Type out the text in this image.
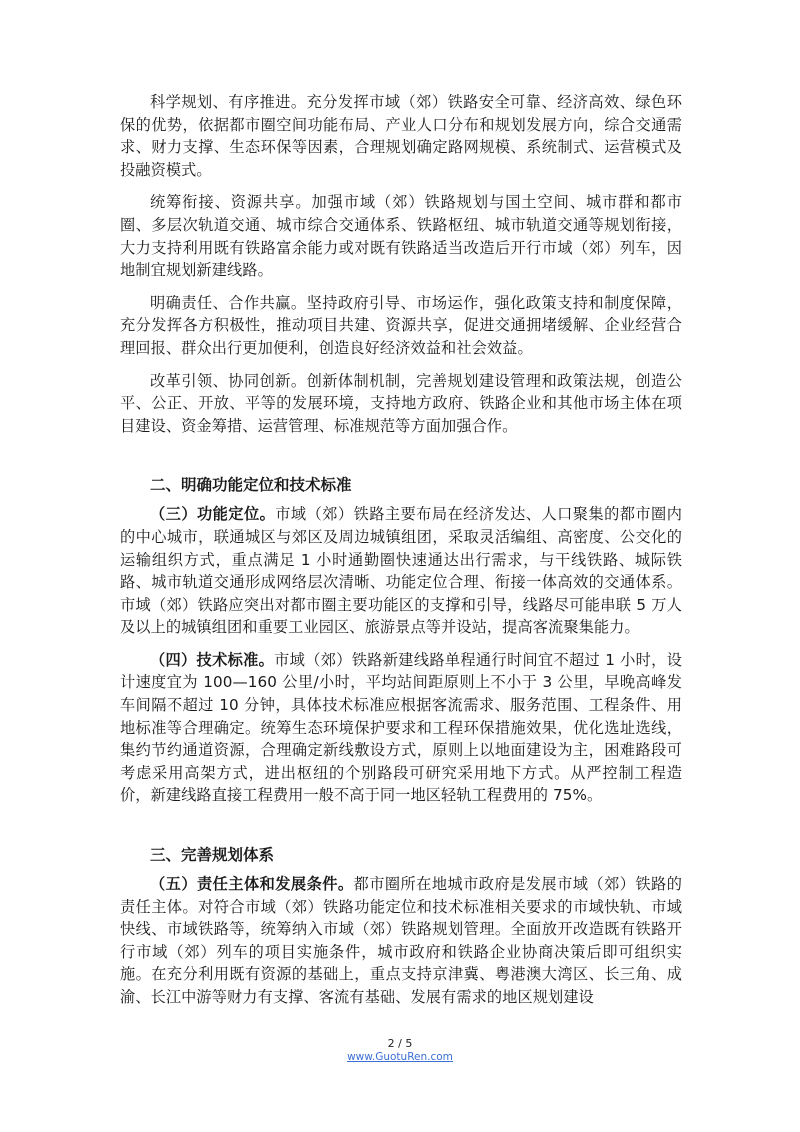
科学规划、有序推进。充分发挥市域（郊）铁路安全可靠、经济高效、绿色环保的优势，依据都市圈空间功能布局、产业人口分布和规划发展方向，综合交通需求、财力支撑、生态环保等因素，合理规划确定路网规模、系统制式、运营模式及投融资模式。

统筹衔接、资源共享。加强市域（郊）铁路规划与国土空间、城市群和都市圈、多层次轨道交通、城市综合交通体系、铁路枢纽、城市轨道交通等规划衔接，大力支持利用既有铁路富余能力或对既有铁路适当改造后开行市域（郊）列车，因地制宜规划新建线路。

明确责任、合作共赢。坚持政府引导、市场运作，强化政策支持和制度保障，充分发挥各方积极性，推动项目共建、资源共享，促进交通拥堵缓解、企业经营合理回报、群众出行更加便利，创造良好经济效益和社会效益。

改革引领、协同创新。创新体制机制，完善规划建设管理和政策法规，创造公平、公正、开放、平等的发展环境，支持地方政府、铁路企业和其他市场主体在项目建设、资金筹措、运营管理、标准规范等方面加强合作。

二、明确功能定位和技术标准

（三）功能定位。市域（郊）铁路主要布局在经济发达、人口聚集的都市圈内的中心城市，联通城区与郊区及周边城镇组团，采取灵活编组、高密度、公交化的运输组织方式，重点满足 1 小时通勤圈快速通达出行需求，与干线铁路、城际铁路、城市轨道交通形成网络层次清晰、功能定位合理、衔接一体高效的交通体系。市域（郊）铁路应突出对都市圈主要功能区的支撑和引导，线路尽可能串联 5 万人及以上的城镇组团和重要工业园区、旅游景点等并设站，提高客流聚集能力。

（四）技术标准。市域（郊）铁路新建线路单程通行时间宜不超过 1 小时，设计速度宜为 100—160 公里/小时，平均站间距原则上不小于 3 公里，早晚高峰发车间隔不超过 10 分钟，具体技术标准应根据客流需求、服务范围、工程条件、用地标准等合理确定。统筹生态环境保护要求和工程环保措施效果，优化选址选线，集约节约通道资源，合理确定新线敷设方式，原则上以地面建设为主，困难路段可考虑采用高架方式，进出枢纽的个别路段可研究采用地下方式。从严控制工程造价，新建线路直接工程费用一般不高于同一地区轻轨工程费用的 75%。

三、完善规划体系

（五）责任主体和发展条件。都市圈所在地城市政府是发展市域（郊）铁路的责任主体。对符合市域（郊）铁路功能定位和技术标准相关要求的市域快轨、市域快线、市域铁路等，统筹纳入市域（郊）铁路规划管理。全面放开改造既有铁路开行市域（郊）列车的项目实施条件，城市政府和铁路企业协商决策后即可组织实施。在充分利用既有资源的基础上，重点支持京津冀、粤港澳大湾区、长三角、成渝、长江中游等财力有支撑、客流有基础、发展有需求的地区规划建设

2 / 5
www.GuotuRen.com
